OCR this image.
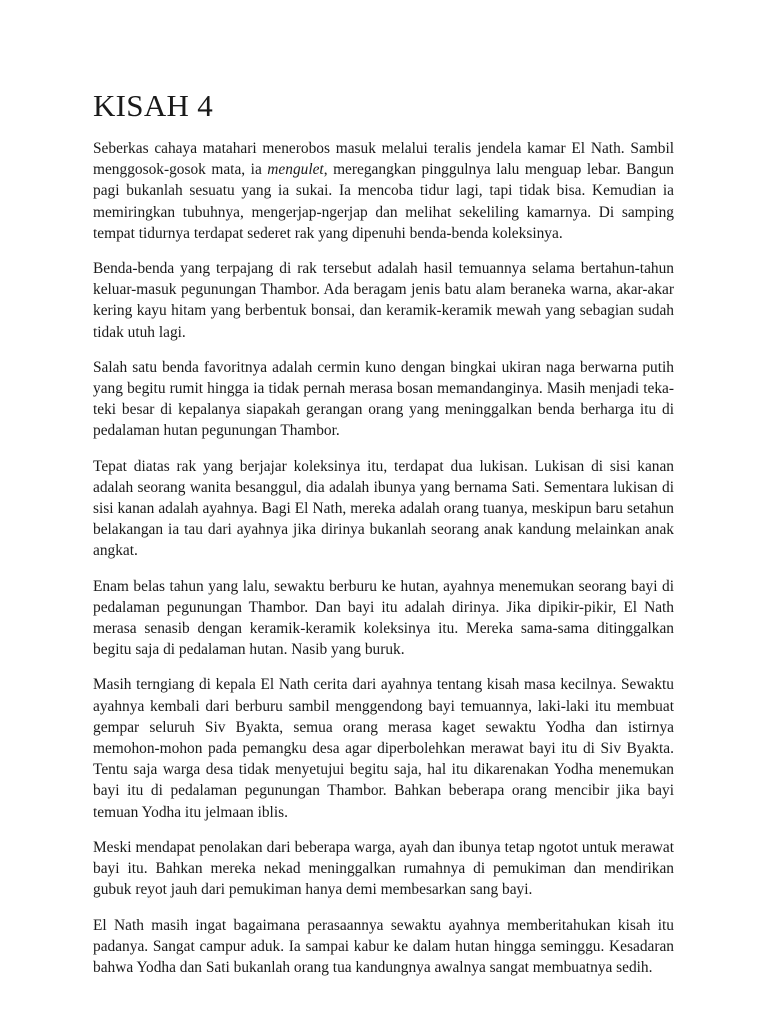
KISAH 4

Seberkas cahaya matahari menerobos masuk melalui teralis jendela kamar El Nath. Sambil menggosok-gosok mata, ia mengulet, meregangkan pinggulnya lalu menguap lebar. Bangun pagi bukanlah sesuatu yang ia sukai. Ia mencoba tidur lagi, tapi tidak bisa. Kemudian ia memiringkan tubuhnya, mengerjap-ngerjap dan melihat sekeliling kamarnya. Di samping tempat tidurnya terdapat sederet rak yang dipenuhi benda-benda koleksinya.

Benda-benda yang terpajang di rak tersebut adalah hasil temuannya selama bertahun-tahun keluar-masuk pegunungan Thambor. Ada beragam jenis batu alam beraneka warna, akar-akar kering kayu hitam yang berbentuk bonsai, dan keramik-keramik mewah yang sebagian sudah tidak utuh lagi.

Salah satu benda favoritnya adalah cermin kuno dengan bingkai ukiran naga berwarna putih yang begitu rumit hingga ia tidak pernah merasa bosan memandanginya. Masih menjadi teka-teki besar di kepalanya siapakah gerangan orang yang meninggalkan benda berharga itu di pedalaman hutan pegunungan Thambor.

Tepat diatas rak yang berjajar koleksinya itu, terdapat dua lukisan. Lukisan di sisi kanan adalah seorang wanita besanggul, dia adalah ibunya yang bernama Sati. Sementara lukisan di sisi kanan adalah ayahnya. Bagi El Nath, mereka adalah orang tuanya, meskipun baru setahun belakangan ia tau dari ayahnya jika dirinya bukanlah seorang anak kandung melainkan anak angkat.

Enam belas tahun yang lalu, sewaktu berburu ke hutan, ayahnya menemukan seorang bayi di pedalaman pegunungan Thambor. Dan bayi itu adalah dirinya. Jika dipikir-pikir, El Nath merasa senasib dengan keramik-keramik koleksinya itu. Mereka sama-sama ditinggalkan begitu saja di pedalaman hutan. Nasib yang buruk.

Masih terngiang di kepala El Nath cerita dari ayahnya tentang kisah masa kecilnya. Sewaktu ayahnya kembali dari berburu sambil menggendong bayi temuannya, laki-laki itu membuat gempar seluruh Siv Byakta, semua orang merasa kaget sewaktu Yodha dan istirnya memohon-mohon pada pemangku desa agar diperbolehkan merawat bayi itu di Siv Byakta. Tentu saja warga desa tidak menyetujui begitu saja, hal itu dikarenakan Yodha menemukan bayi itu di pedalaman pegunungan Thambor. Bahkan beberapa orang mencibir jika bayi temuan Yodha itu jelmaan iblis.

Meski mendapat penolakan dari beberapa warga, ayah dan ibunya tetap ngotot untuk merawat bayi itu. Bahkan mereka nekad meninggalkan rumahnya di pemukiman dan mendirikan gubuk reyot jauh dari pemukiman hanya demi membesarkan sang bayi.

El Nath masih ingat bagaimana perasaannya sewaktu ayahnya memberitahukan kisah itu padanya. Sangat campur aduk. Ia sampai kabur ke dalam hutan hingga seminggu. Kesadaran bahwa Yodha dan Sati bukanlah orang tua kandungnya awalnya sangat membuatnya sedih.
